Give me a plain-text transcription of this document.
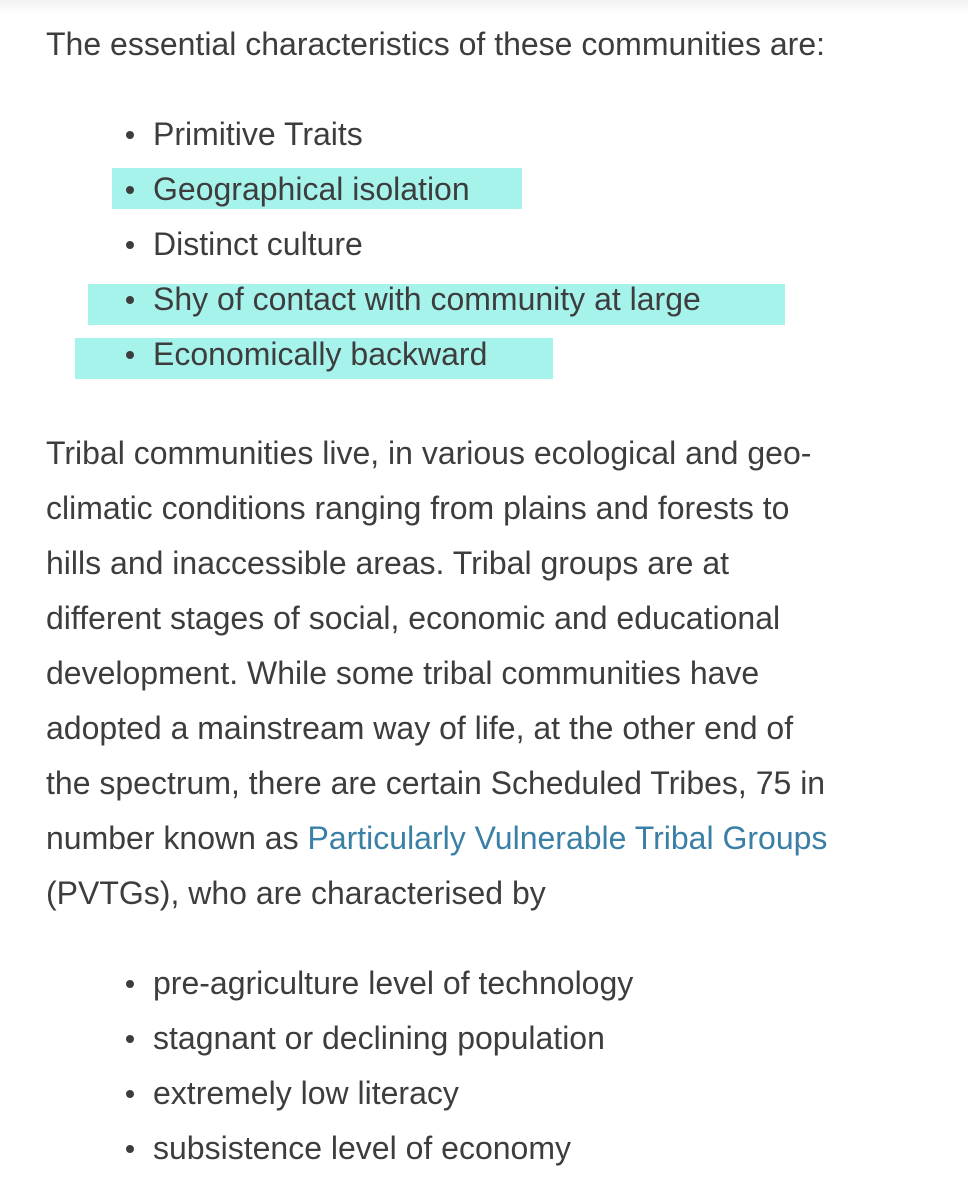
The essential characteristics of these communities are:
Primitive Traits
Geographical isolation
Distinct culture
Shy of contact with community at large
Economically backward
Tribal communities live, in various ecological and geo-
climatic conditions ranging from plains and forests to
hills and inaccessible areas. Tribal groups are at
different stages of social, economic and educational
development. While some tribal communities have
adopted a mainstream way of life, at the other end of
the spectrum, there are certain Scheduled Tribes, 75 in
number known as Particularly Vulnerable Tribal Groups
(PVTGs), who are characterised by
pre-agriculture level of technology
stagnant or declining population
extremely low literacy
subsistence level of economy
